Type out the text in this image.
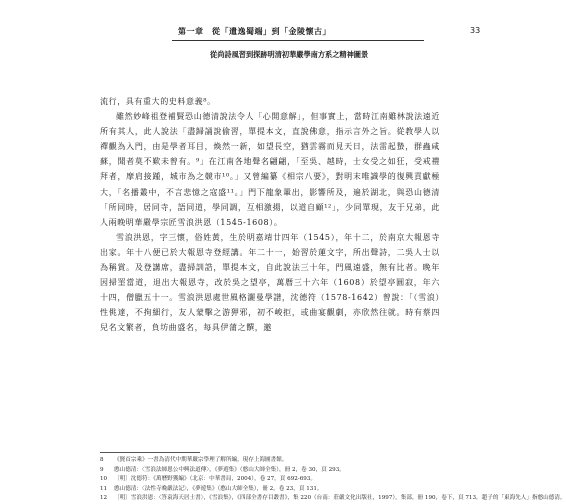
第一章　從「遺逸蜀端」到「金陵懷古」	33
從尚詩風習到探跡明清初華嚴學南方系之精神圖景

流行，具有重大的史料意義⁸。

雖然妙峰祖登補賢恐山德清說法令人「心開意解」，但事實上，當時江南雖林說法遠近所有其人，此人說法「盡歸誦說偷習，單提本文，直說佛意，指示言外之旨。從教學人以禪觀為入門，由是學者耳目，煥然一新，如望長空，猶雲霧而見天日，法雷起蟄，群蟲咸蘇，聞者莫不歎未曾有。⁹」在江南各地聲名翩翩，「至吳、越時，士女受之如狂，受戒禮拜者，摩肩接踵，城市為之競市¹⁰。」又曾編纂《相宗八要》，對明末唯識學的復興貢獻極大，「名播叢中，不言悲憶之寇盛¹¹。」門下龍象輩出，影響所及，遍於湖北，與恐山德清「所同時，居同寺，語同道，學同調，互相激揚，以道自顧¹²」，少同單現，友于兄弟，此人兩晚明華嚴學宗匠雪浪洪恩（1545-1608）。

雪浪洪恩，字三懷，俗姓黃，生於明嘉靖廿四年（1545），年十二，於南京大報恩寺出家。年十八便已於大報恩寺登經講。年二十一，始習於蓮文字，所出聲詩，二吳人士以為稱賞。及登講席，盡掃訓誥，單提本文，自此說法三十年，門風遠盛，無有比者。晚年因掃罣當道，退出大報恩寺，改於吳之望亭，萬曆三十六年（1608）於望亭圓寂，年六十四，僧臘五十一。雪浪洪恩處世風格灑曼學譜，沈德符（1578-1642）曾說：「（雪浪）性佻達，不拘細行，友人蒙擊之游狎邪，初不峻拒，或曲宴觀劇，亦欣然往就。時有蔡四兒名文繁者，負坊曲盛名，每具伊蒲之饌，邀

8	《賢首宗乘》一書為清代中期華嚴宗學理了解所編，現存上海圖書館。
9	憨山德清：〈雪浪法師恩公中興法道傳〉，《夢遊集》（憨山大師全集），冊 2，卷 30，頁 293。
10	〔明〕沈德符：《萬曆野獲編》（北京：中華書局，2004），卷 27，頁 692-693。
11	憨山德清：〈法性寺晚嚴法記〉，《夢遊集》（憨山大師全集），冊 2，卷 23，頁 131。
12	〔明〕雪浪洪恩：〈答袁海天居士書〉，《雪浪集》，《四部全書存目叢書》，集 220（台南：莊嚴文化出版社，1997），集部，冊 190，卷下，頁 713。趙子的「東海先人」指憨山德清。
